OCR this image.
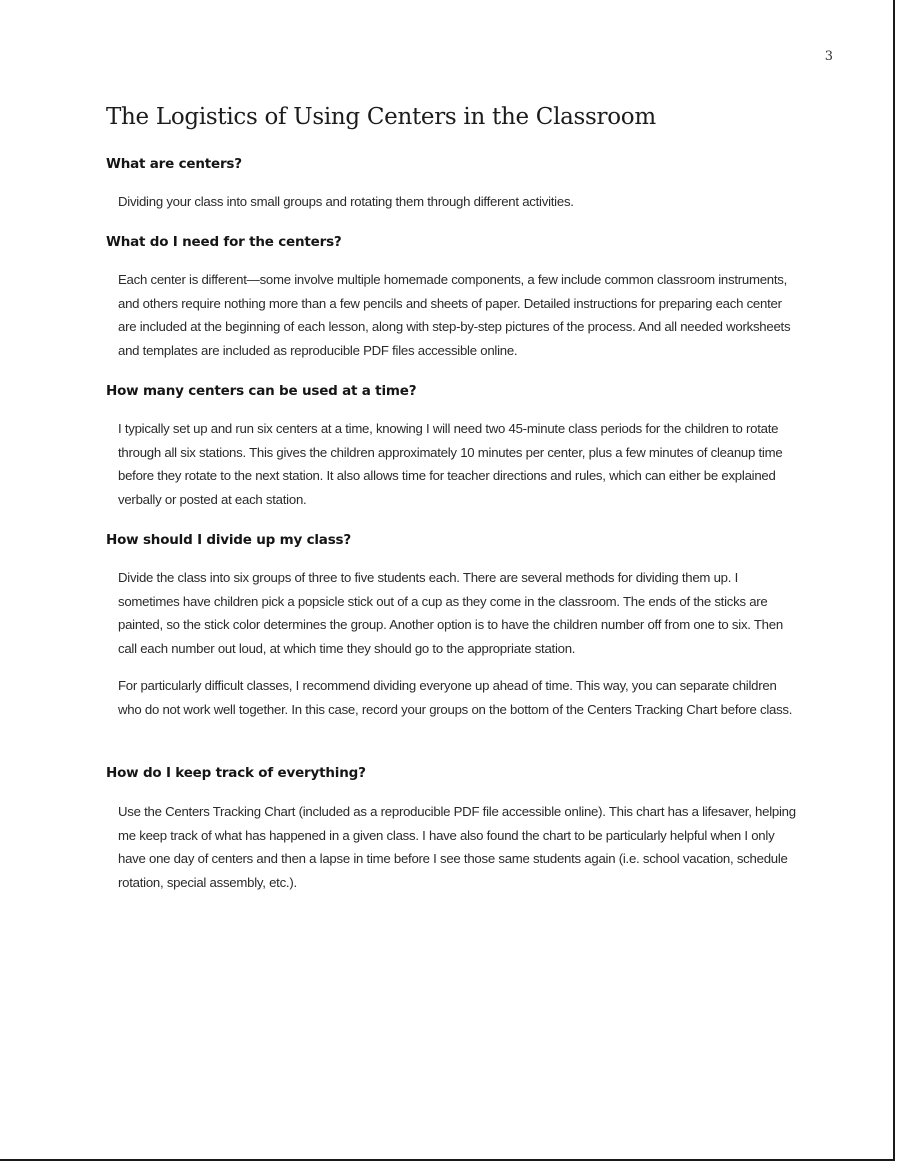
3
The Logistics of Using Centers in the Classroom
What are centers?

Dividing your class into small groups and rotating them through different activities.

What do I need for the centers?

Each center is different—some involve multiple homemade components, a few include common classroom instruments, and others require nothing more than a few pencils and sheets of paper. Detailed instructions for preparing each center are included at the beginning of each lesson, along with step-by-step pictures of the process. And all needed worksheets and templates are included as reproducible PDF files accessible online.

How many centers can be used at a time?

I typically set up and run six centers at a time, knowing I will need two 45-minute class periods for the children to rotate through all six stations. This gives the children approximately 10 minutes per center, plus a few minutes of cleanup time before they rotate to the next station. It also allows time for teacher directions and rules, which can either be explained verbally or posted at each station.

How should I divide up my class?

Divide the class into six groups of three to five students each. There are several methods for dividing them up. I sometimes have children pick a popsicle stick out of a cup as they come in the classroom. The ends of the sticks are painted, so the stick color determines the group. Another option is to have the children number off from one to six. Then call each number out loud, at which time they should go to the appropriate station.

For particularly difficult classes, I recommend dividing everyone up ahead of time. This way, you can separate children who do not work well together. In this case, record your groups on the bottom of the Centers Tracking Chart before class.

How do I keep track of everything?

Use the Centers Tracking Chart (included as a reproducible PDF file accessible online). This chart has a lifesaver, helping me keep track of what has happened in a given class. I have also found the chart to be particularly helpful when I only have one day of centers and then a lapse in time before I see those same students again (i.e. school vacation, schedule rotation, special assembly, etc.).
